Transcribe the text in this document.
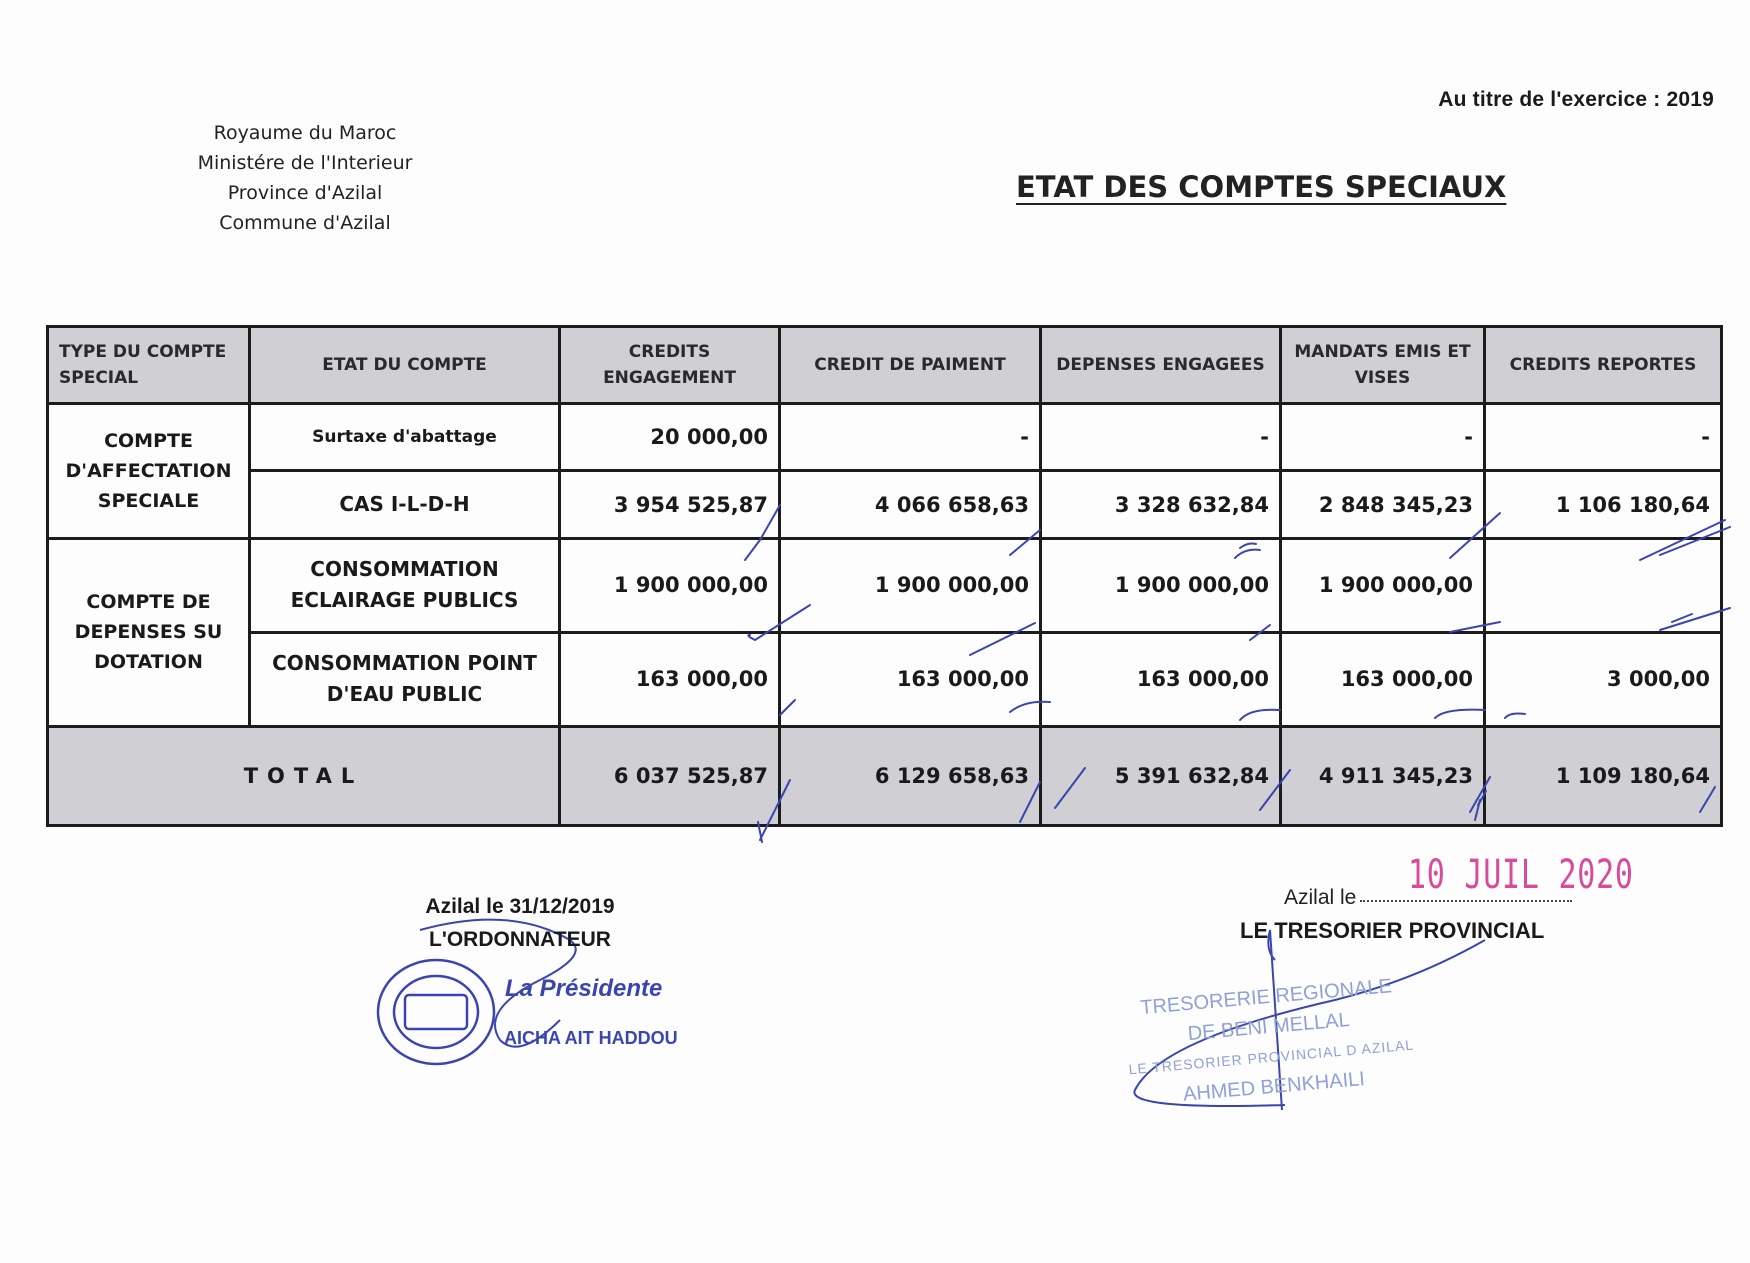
Au titre de l'exercice : 2019
Royaume du Maroc
Ministére de l'Interieur
Province d'Azilal
Commune d'Azilal
ETAT DES COMPTES SPECIAUX
TYPE DU COMPTE SPECIAL	ETAT DU COMPTE	CREDITS ENGAGEMENT	CREDIT DE PAIMENT	DEPENSES ENGAGEES	MANDATS EMIS ET VISES	CREDITS REPORTES
COMPTE D'AFFECTATION SPECIALE	Surtaxe d'abattage	20 000,00	-	-	-	-
	CAS I-L-D-H	3 954 525,87	4 066 658,63	3 328 632,84	2 848 345,23	1 106 180,64
COMPTE DE DEPENSES SU DOTATION	CONSOMMATION ECLAIRAGE PUBLICS	1 900 000,00	1 900 000,00	1 900 000,00	1 900 000,00	
	CONSOMMATION POINT D'EAU PUBLIC	163 000,00	163 000,00	163 000,00	163 000,00	3 000,00
TOTAL		6 037 525,87	6 129 658,63	5 391 632,84	4 911 345,23	1 109 180,64
Azilal le 31/12/2019
L'ORDONNATEUR
La Présidente
AICHA AIT HADDOU
Azilal le	10 JUIL 2020
LE TRESORIER PROVINCIAL
TRESORERIE REGIONALE
DE BENI MELLAL
LE TRESORIER PROVINCIAL D AZILAL
AHMED BENKHAILI
